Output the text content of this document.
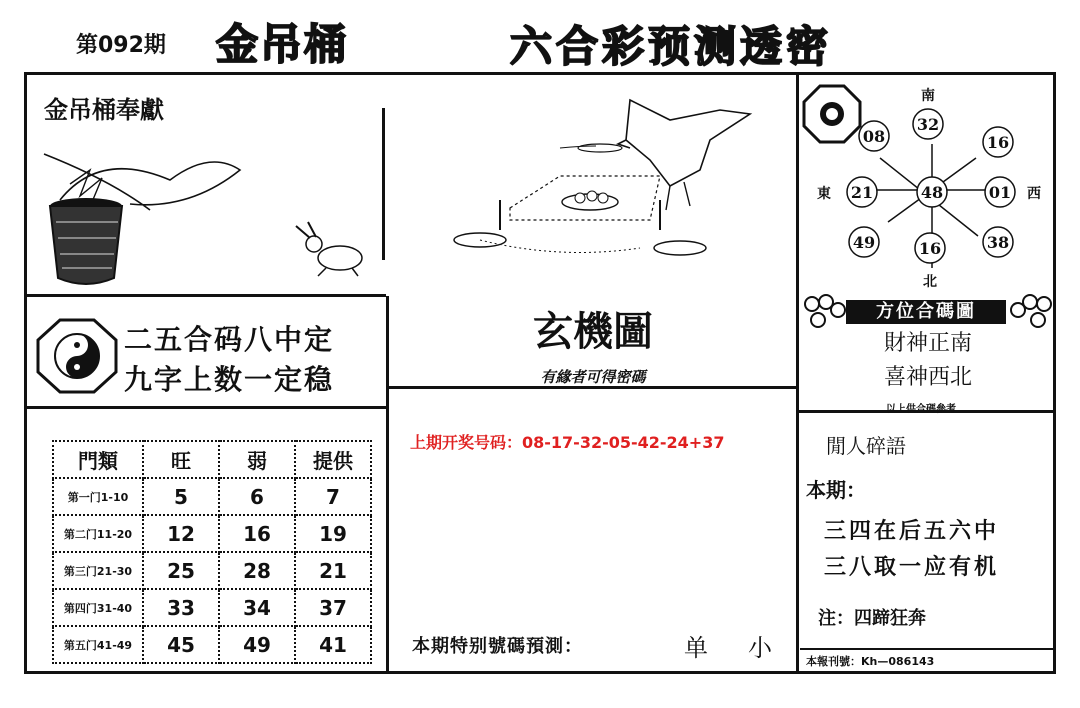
第092期 金吊桶	六合彩预测透密
金吊桶奉獻
二五合码八中定
九字上数一定稳
門類	旺	弱	提供
第一门1-10	5	6	7
第二门11-20	12	16	19
第三门21-30	25	28	21
第四门31-40	33	34	37
第五门41-49	45	49	41
玄機圖
有緣者可得密碼
上期开奖号码：08-17-32-05-42-24+37
本期特别號碼預測：	单 小
08
32
16
21	48	01
49	16	38
南
北
東	西
方位合碼圖
財神正南
喜神西北
以上供合碼參考
閒人碎語
本期：
三四在后五六中
三八取一应有机
注：四蹄狂奔
本報刊號：Kh—086143
